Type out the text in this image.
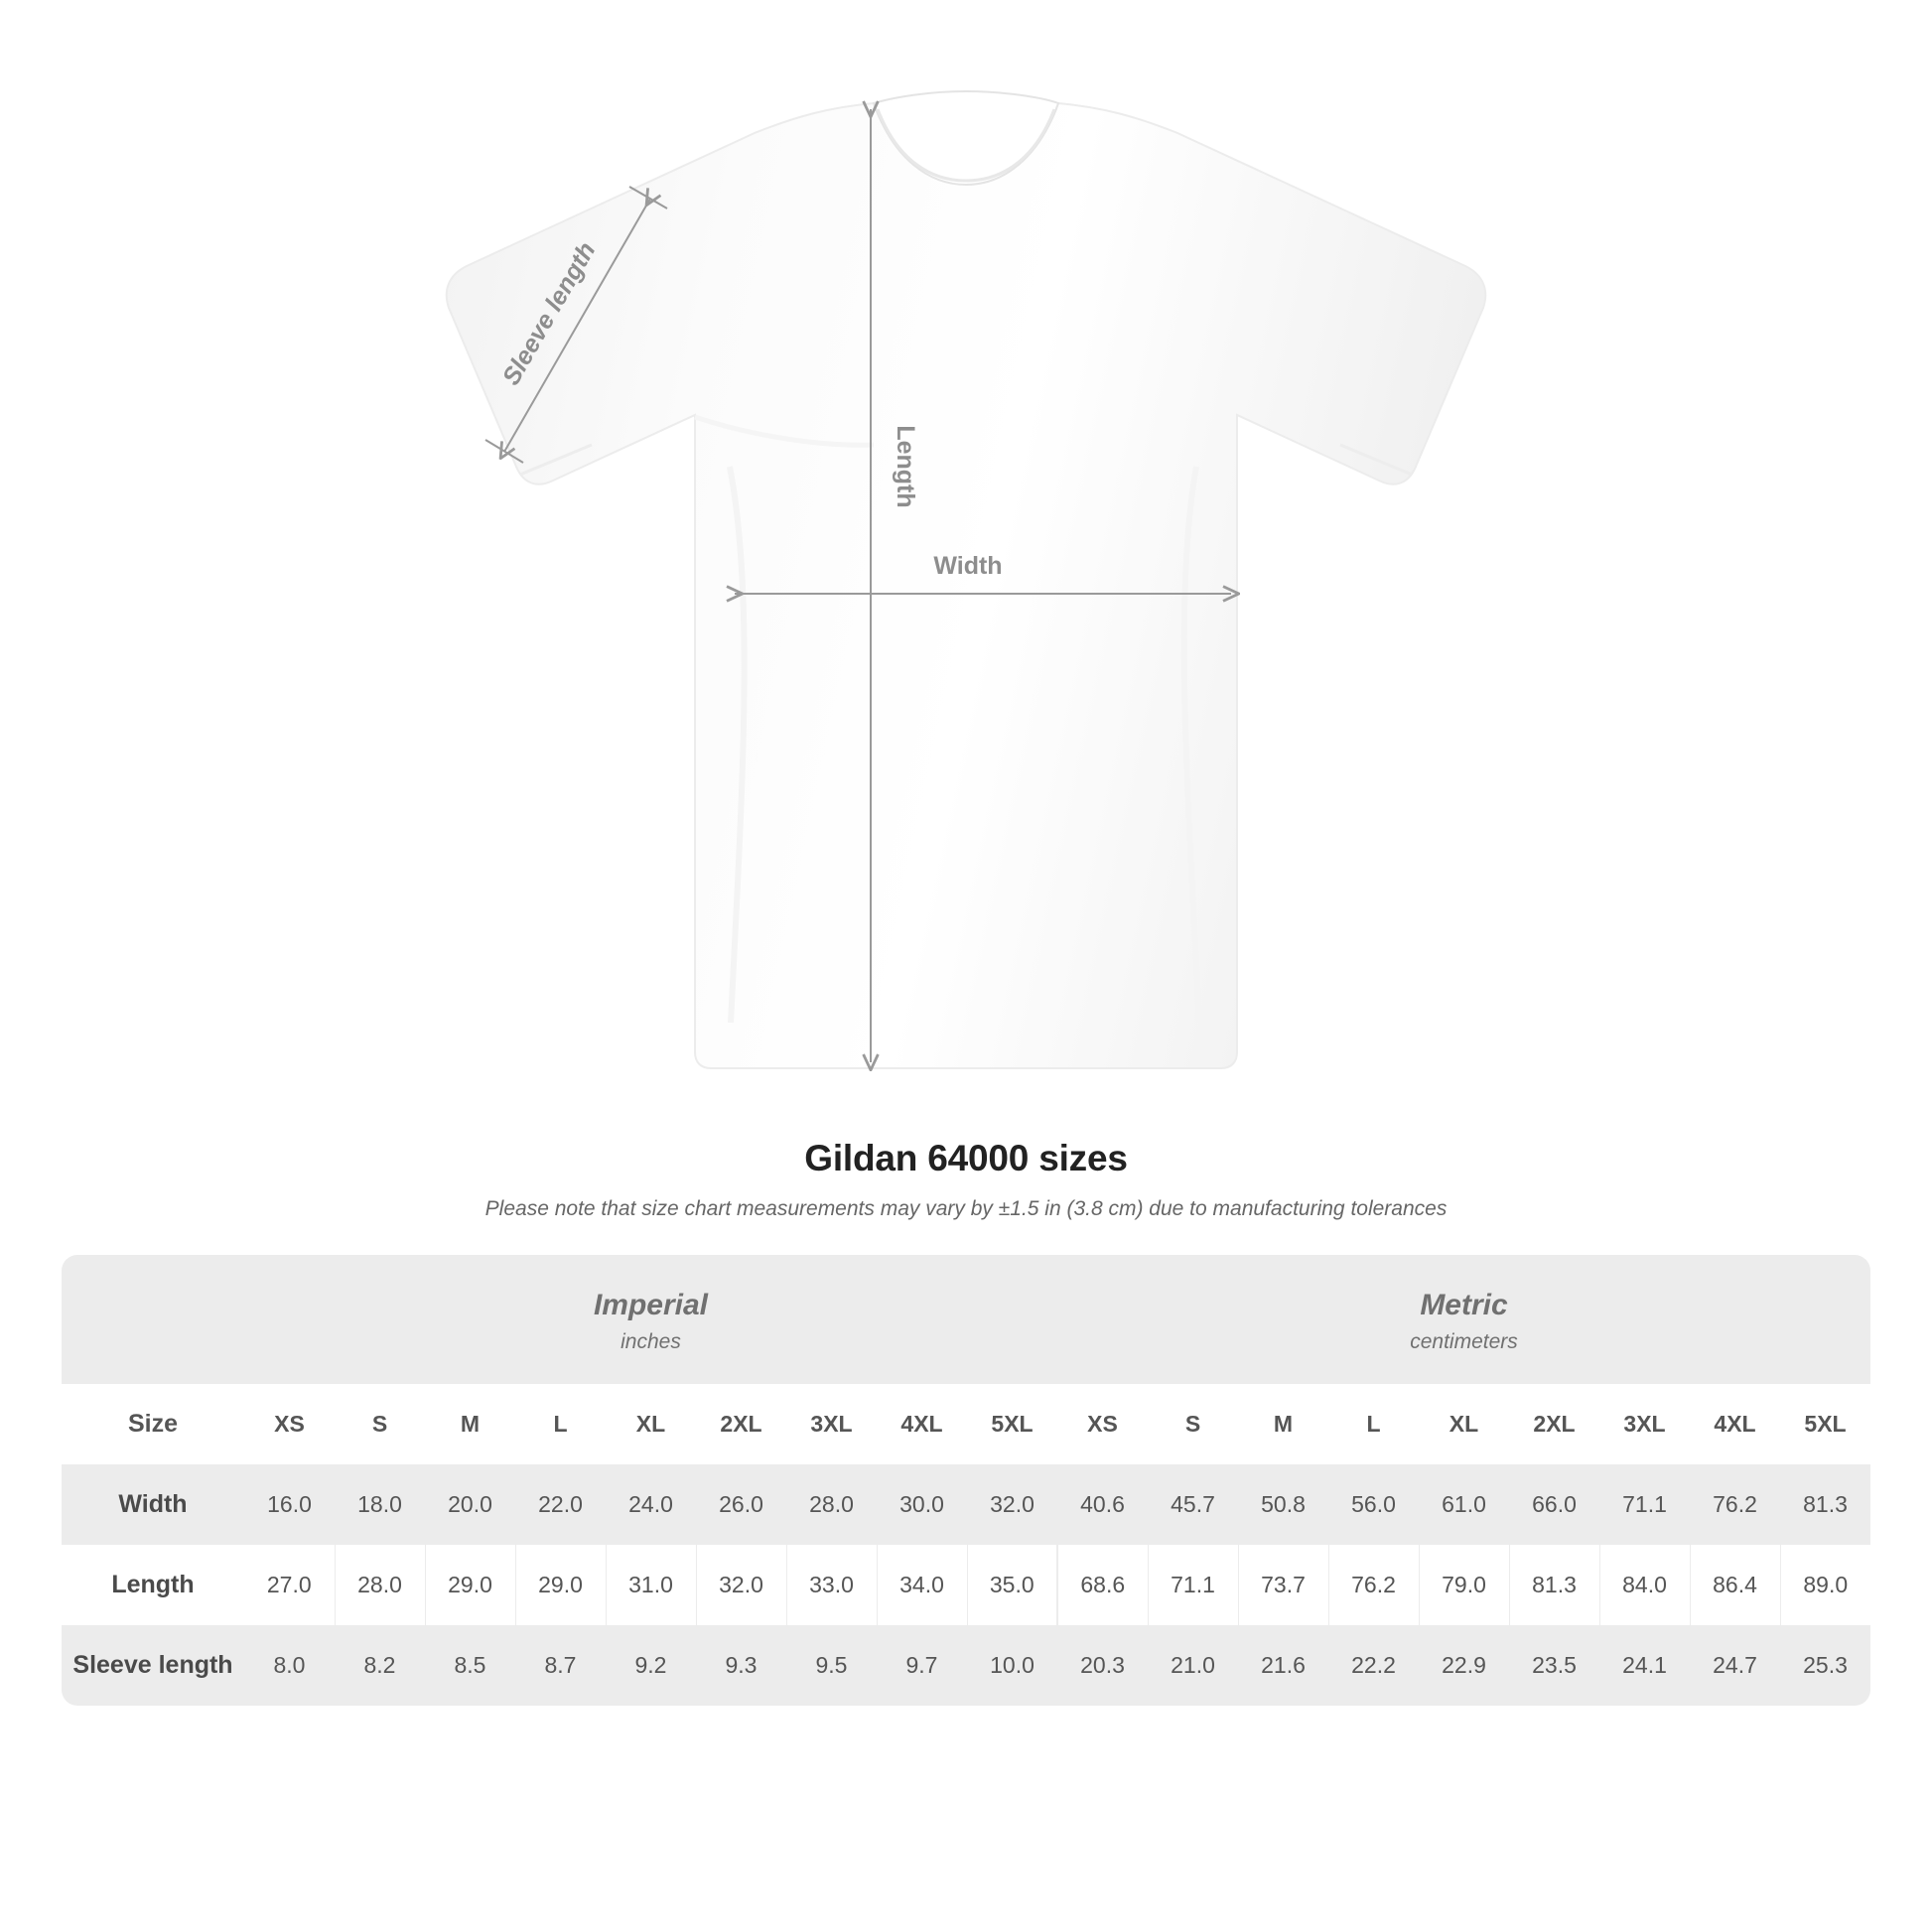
Length
Width
Sleeve length
Gildan 64000 sizes
Please note that size chart measurements may vary by ±1.5 in (3.8 cm) due to manufacturing tolerances

Imperial
inches

Metric
centimeters

Size	XS	S	M	L	XL	2XL	3XL	4XL	5XL	XS	S	M	L	XL	2XL	3XL	4XL	5XL
Width	16.0	18.0	20.0	22.0	24.0	26.0	28.0	30.0	32.0	40.6	45.7	50.8	56.0	61.0	66.0	71.1	76.2	81.3
Length	27.0	28.0	29.0	29.0	31.0	32.0	33.0	34.0	35.0	68.6	71.1	73.7	76.2	79.0	81.3	84.0	86.4	89.0
Sleeve length	8.0	8.2	8.5	8.7	9.2	9.3	9.5	9.7	10.0	20.3	21.0	21.6	22.2	22.9	23.5	24.1	24.7	25.3
